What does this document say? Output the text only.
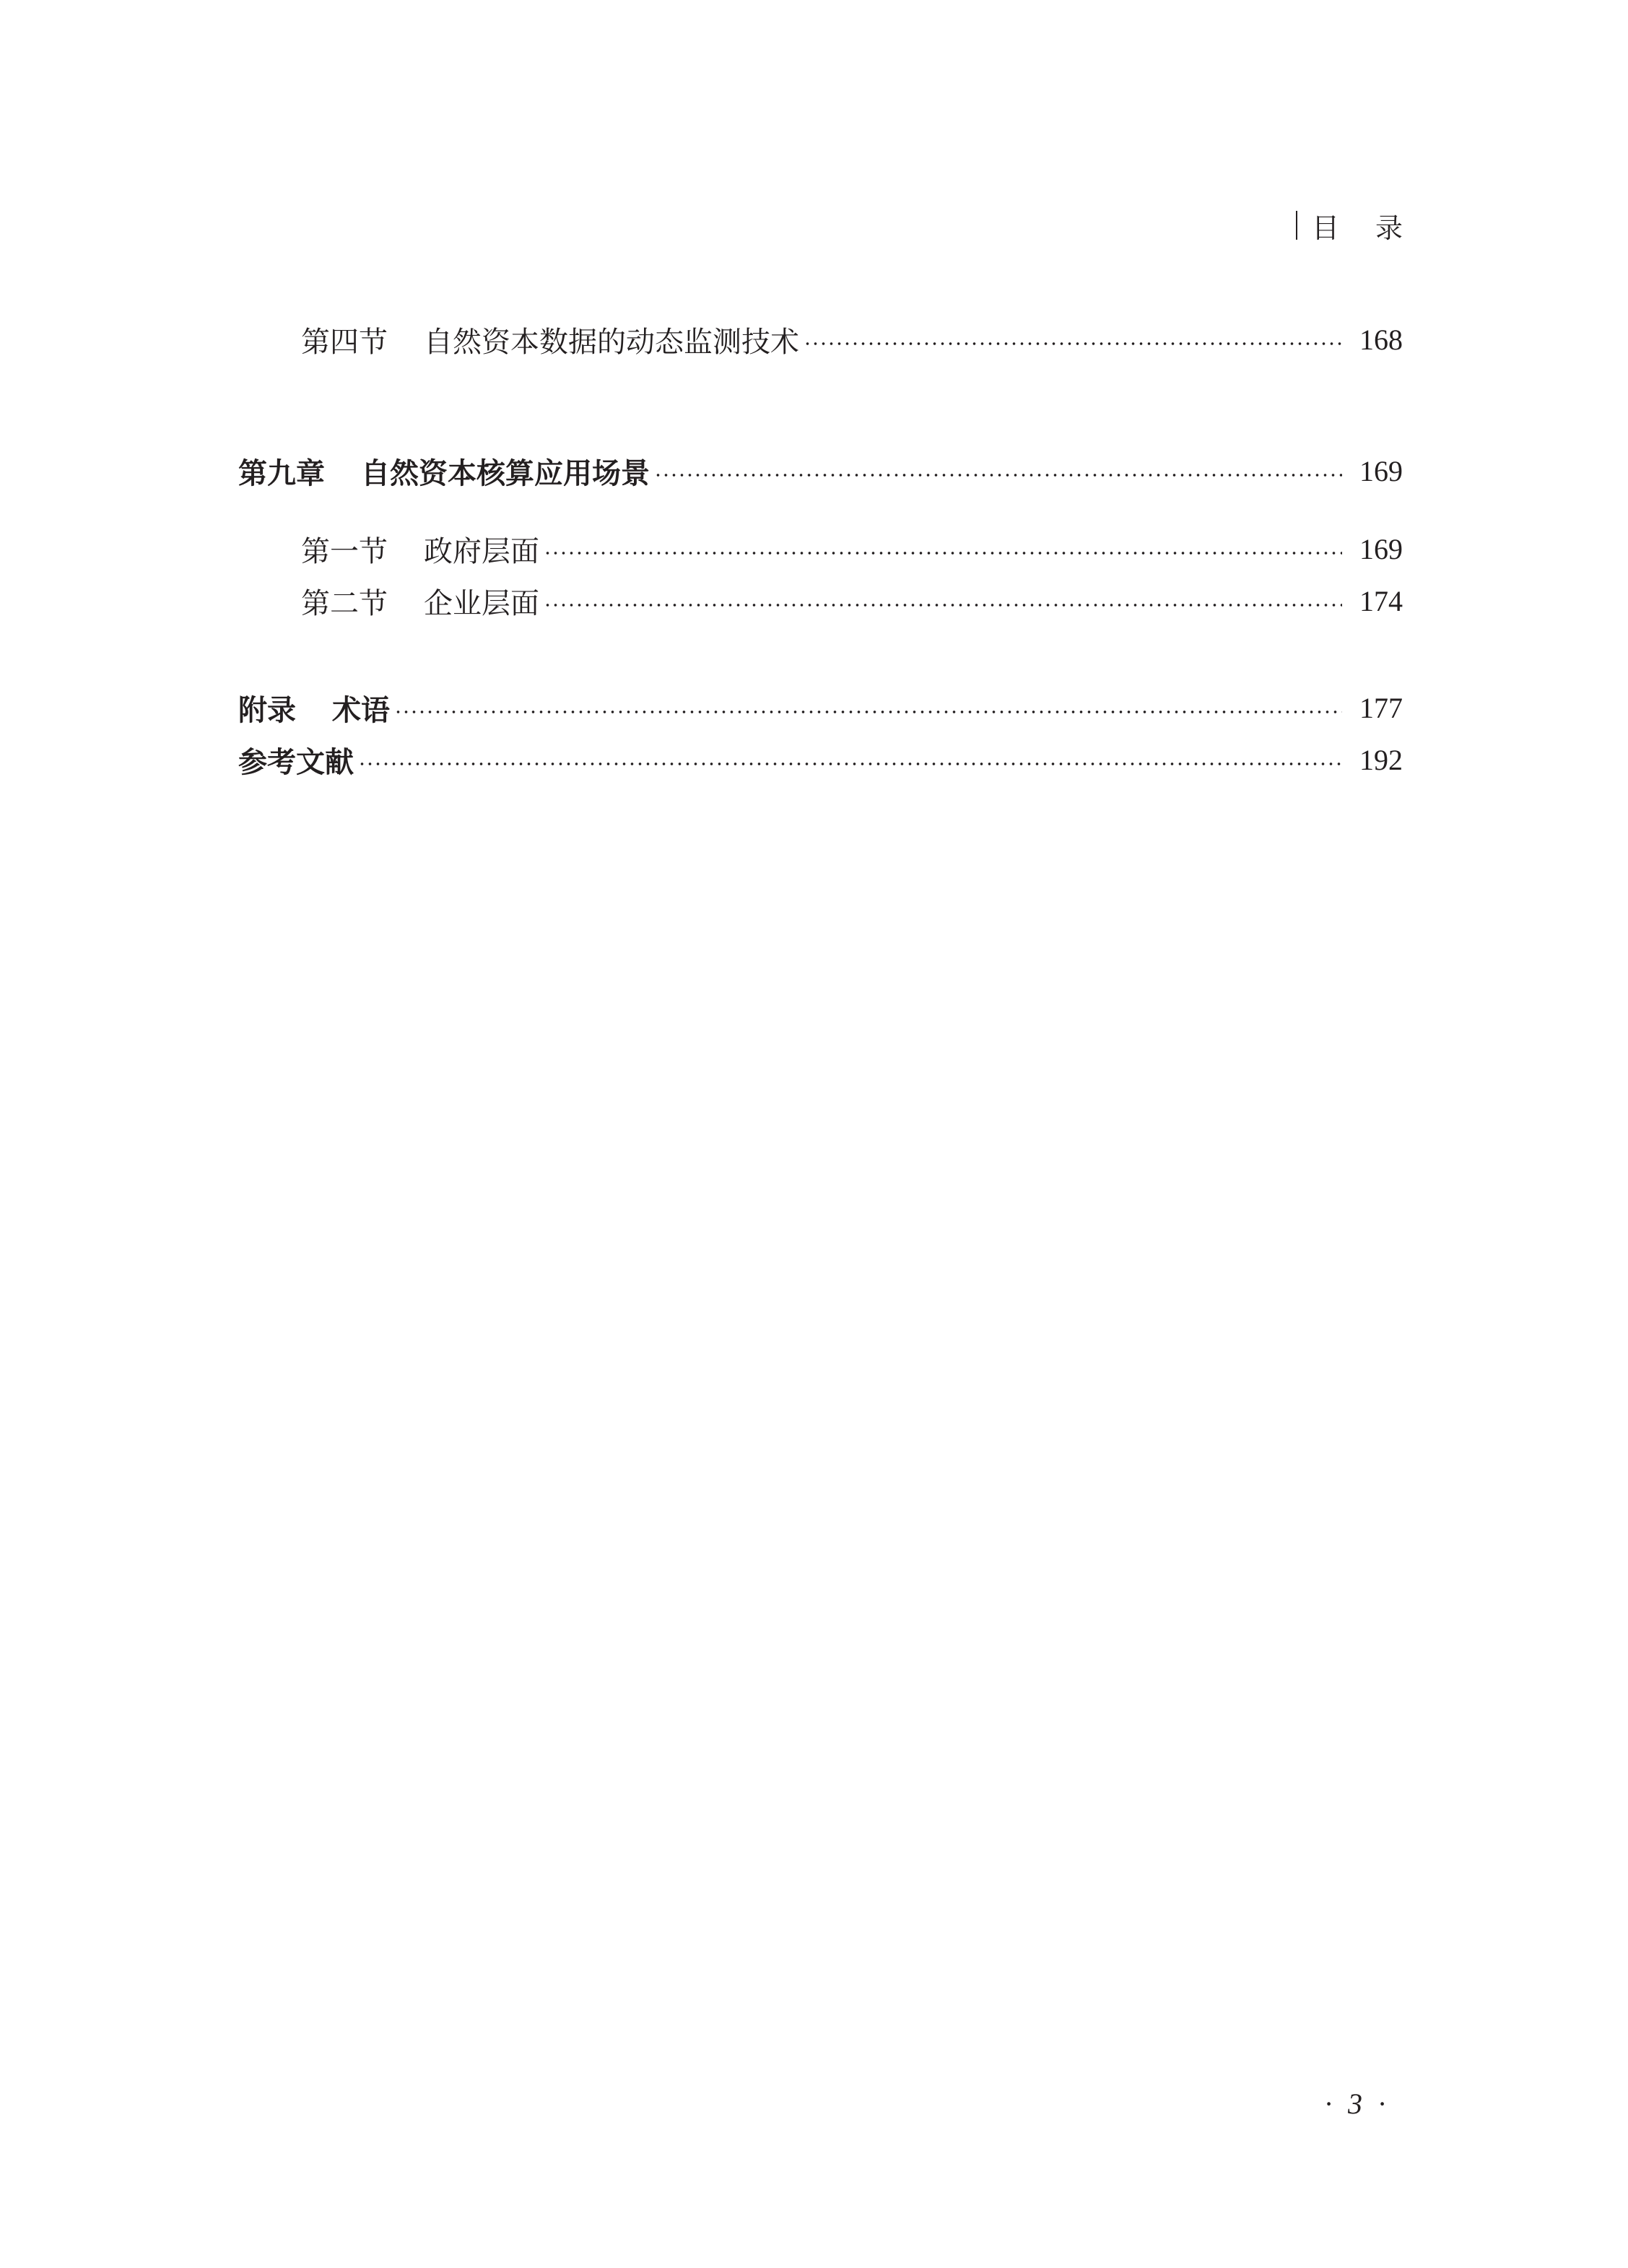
目录
第四节 自然资本数据的动态监测技术	168
第九章 自然资本核算应用场景	169
第一节 政府层面	169
第二节 企业层面	174
附录 术语	177
参考文献	192
· 3 ·
